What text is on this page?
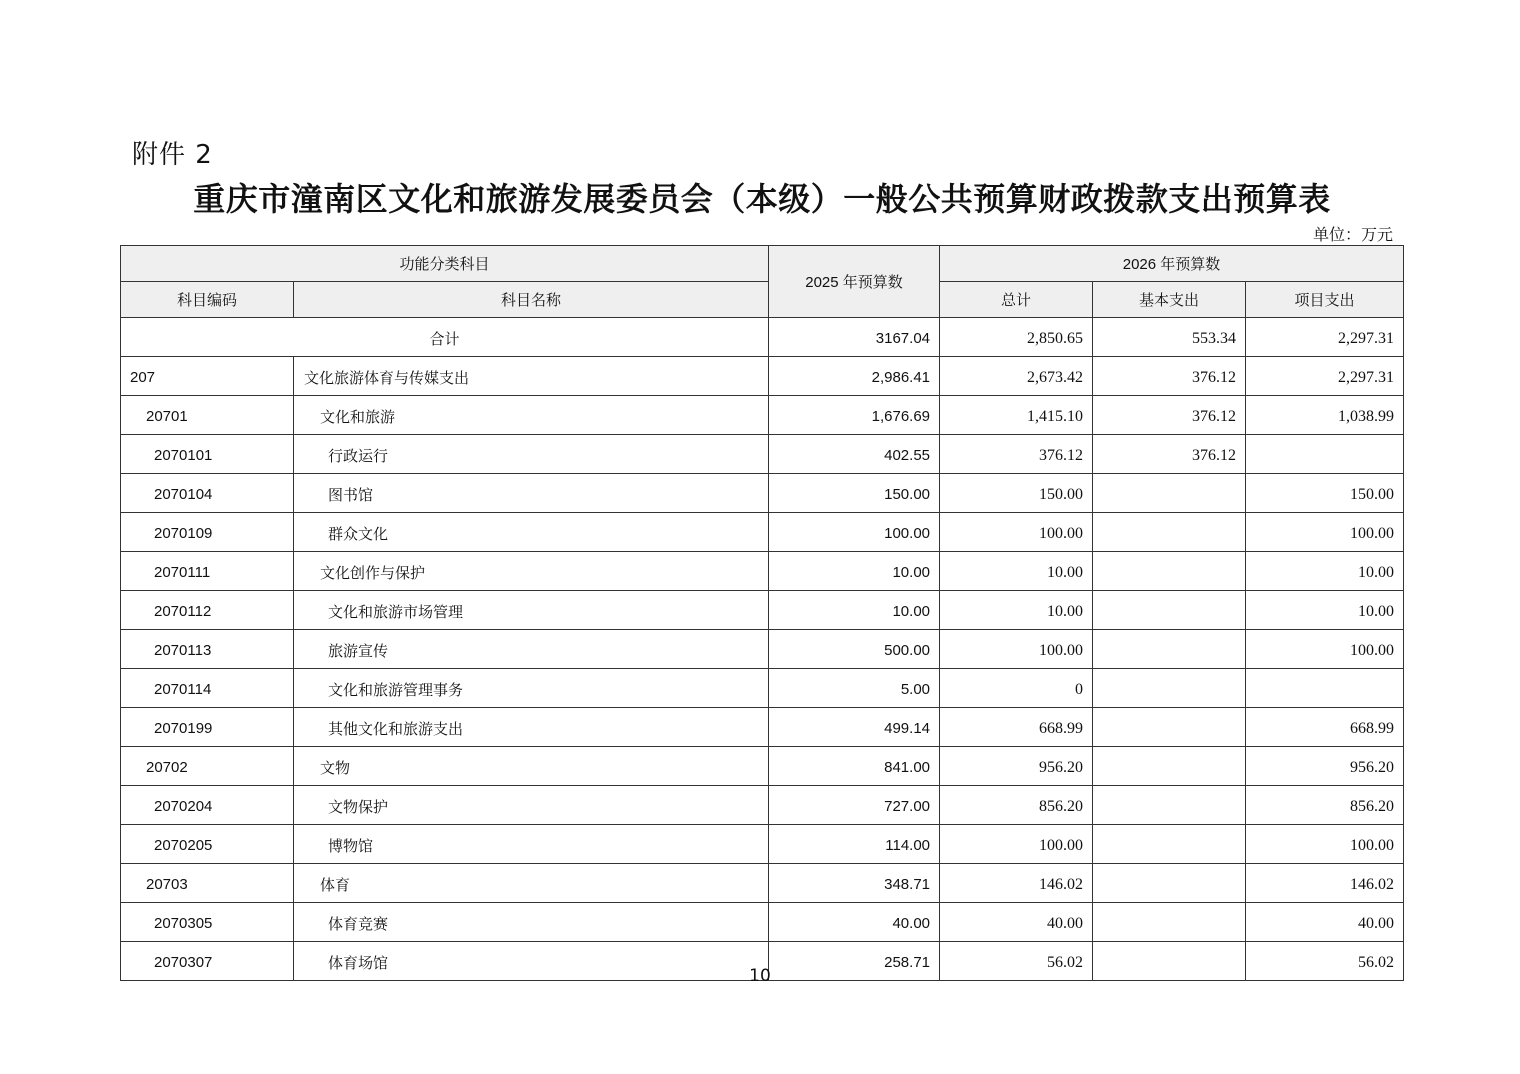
附件 2
重庆市潼南区文化和旅游发展委员会（本级）一般公共预算财政拨款支出预算表
单位：万元
功能分类科目		2025 年预算数	2026 年预算数		
科目编码	科目名称		总计	基本支出	项目支出
合计		3167.04	2,850.65	553.34	2,297.31
207	文化旅游体育与传媒支出	2,986.41	2,673.42	376.12	2,297.31
20701	文化和旅游	1,676.69	1,415.10	376.12	1,038.99
2070101	行政运行	402.55	376.12	376.12	
2070104	图书馆	150.00	150.00		150.00
2070109	群众文化	100.00	100.00		100.00
2070111	文化创作与保护	10.00	10.00		10.00
2070112	文化和旅游市场管理	10.00	10.00		10.00
2070113	旅游宣传	500.00	100.00		100.00
2070114	文化和旅游管理事务	5.00	0		
2070199	其他文化和旅游支出	499.14	668.99		668.99
20702	文物	841.00	956.20		956.20
2070204	文物保护	727.00	856.20		856.20
2070205	博物馆	114.00	100.00		100.00
20703	体育	348.71	146.02		146.02
2070305	体育竞赛	40.00	40.00		40.00
2070307	体育场馆	258.71	56.02		56.02
10
